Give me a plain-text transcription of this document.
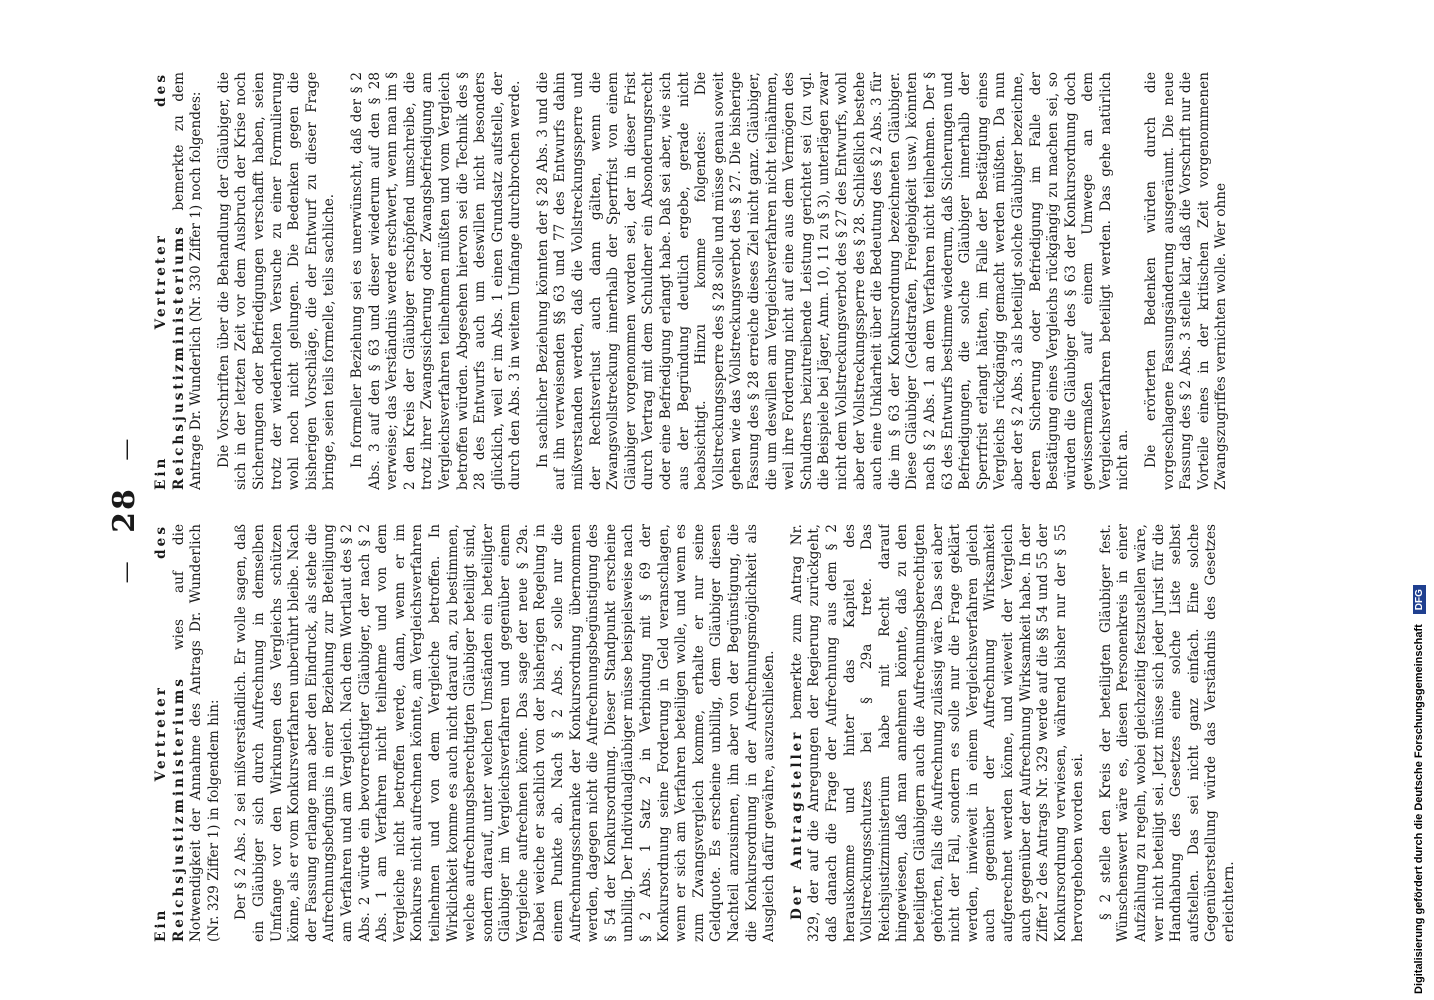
— 28 —

Ein Vertreter des Reichsjustizministeriums wies auf die Notwendigkeit der Annahme des Antrags Dr. Wunderlich (Nr. 329 Ziffer 1) in folgendem hin: Der § 2 Abs. 2 sei mißverständlich. Er wolle sagen, daß ein Gläubiger sich durch Aufrechnung in demselben Umfange vor den Wirkungen des Vergleichs schützen könne, als er vom Konkursverfahren unberührt bleibe. Nach der Fassung erlange man aber den Eindruck, als stehe die Aufrechnungsbefugnis in einer Beziehung zur Beteiligung am Verfahren und am Vergleich. Nach dem Wortlaut des § 2 Abs. 2 würde ein bevorrechtigter Gläubiger, der nach § 2 Abs. 1 am Verfahren nicht teilnehme und von dem Vergleiche nicht betroffen werde, dann, wenn er im Konkurse nicht aufrechnen könnte, am Vergleichsverfahren teilnehmen und von dem Vergleiche betroffen. In Wirklichkeit komme es auch nicht darauf an, zu bestimmen, welche aufrechnungsberechtigten Gläubiger beteiligt sind, sondern darauf, unter welchen Umständen ein beteiligter Gläubiger im Vergleichsverfahren und gegenüber einem Vergleiche aufrechnen könne. Das sage der neue § 29a. Dabei weiche er sachlich von der bisherigen Regelung in einem Punkte ab. Nach § 2 Abs. 2 solle nur die Aufrechnungsschranke der Konkursordnung übernommen werden, dagegen nicht die Aufrechnungsbegünstigung des § 54 der Konkursordnung. Dieser Standpunkt erscheine unbillig. Der Individualgläubiger müsse beispielsweise nach § 2 Abs. 1 Satz 2 in Verbindung mit § 69 der Konkursordnung seine Forderung in Geld veranschlagen, wenn er sich am Verfahren beteiligen wolle, und wenn es zum Zwangsvergleich komme, erhalte er nur seine Geldquote. Es erscheine unbillig, dem Gläubiger diesen Nachteil anzusinnen, ihn aber von der Begünstigung, die die Konkursordnung in der Aufrechnungsmöglichkeit als Ausgleich dafür gewähre, auszuschließen. Der Antragsteller bemerkte zum Antrag Nr. 329, der auf die Anregungen der Regierung zurückgeht, daß danach die Frage der Aufrechnung aus dem § 2 herauskomme und hinter das Kapitel des Vollstreckungsschutzes bei § 29a trete. Das Reichsjustizministerium habe mit Recht darauf hingewiesen, daß man annehmen könnte, daß zu den beteiligten Gläubigern auch die Aufrechnungsberechtigten gehörten, falls die Aufrechnung zulässig wäre. Das sei aber nicht der Fall, sondern es solle nur die Frage geklärt werden, inwieweit in einem Vergleichsverfahren gleich auch gegenüber der Aufrechnung Wirksamkeit aufgerechnet werden könne, und wieweit der Vergleich auch gegenüber der Aufrechnung Wirksamkeit habe. In der Ziffer 2 des Antrags Nr. 329 werde auf die §§ 54 und 55 der Konkursordnung verwiesen, während bisher nur der § 55 hervorgehoben worden sei. § 2 stelle den Kreis der beteiligten Gläubiger fest. Wünschenswert wäre es, diesen Personenkreis in einer Aufzählung zu regeln, wobei gleichzeitig festzustellen wäre, wer nicht beteiligt sei. Jetzt müsse sich jeder Jurist für die Handhabung des Gesetzes eine solche Liste selbst aufstellen. Das sei nicht ganz einfach. Eine solche Gegenüberstellung würde das Verständnis des Gesetzes erleichtern.

Ein Vertreter des Reichsjustizministeriums bemerkte zu dem Antrage Dr. Wunderlich (Nr. 330 Ziffer 1) noch folgendes: Die Vorschriften über die Behandlung der Gläubiger, die sich in der letzten Zeit vor dem Ausbruch der Krise noch Sicherungen oder Befriedigungen verschafft haben, seien trotz der wiederholten Versuche zu einer Formulierung wohl noch nicht gelungen. Die Bedenken gegen die bisherigen Vorschläge, die der Entwurf zu dieser Frage bringe, seien teils formelle, teils sachliche. In formeller Beziehung sei es unerwünscht, daß der § 2 Abs. 3 auf den § 63 und dieser wiederum auf den § 28 verweise; das Verständnis werde erschwert, wenn man im § 2 den Kreis der Gläubiger erschöpfend umschreibe, die trotz ihrer Zwangssicherung oder Zwangsbefriedigung am Vergleichsverfahren teilnehmen müßten und vom Vergleich betroffen würden. Abgesehen hiervon sei die Technik des § 28 des Entwurfs auch um deswillen nicht besonders glücklich, weil er im Abs. 1 einen Grundsatz aufstelle, der durch den Abs. 3 in weitem Umfange durchbrochen werde. In sachlicher Beziehung könnten der § 28 Abs. 3 und die auf ihn verweisenden §§ 63 und 77 des Entwurfs dahin mißverstanden werden, daß die Vollstreckungssperre und der Rechtsverlust auch dann gälten, wenn die Zwangsvollstreckung innerhalb der Sperrfrist von einem Gläubiger vorgenommen worden sei, der in dieser Frist durch Vertrag mit dem Schuldner ein Absonderungsrecht oder eine Befriedigung erlangt habe. Daß sei aber, wie sich aus der Begründung deutlich ergebe, gerade nicht beabsichtigt. Hinzu komme folgendes: Die Vollstreckungssperre des § 28 solle und müsse genau soweit gehen wie das Vollstreckungsverbot des § 27. Die bisherige Fassung des § 28 erreiche dieses Ziel nicht ganz. Gläubiger, die um deswillen am Vergleichsverfahren nicht teilnähmen, weil ihre Forderung nicht auf eine aus dem Vermögen des Schuldners beizutreibende Leistung gerichtet sei (zu vgl. die Beispiele bei Jäger, Anm. 10, 11 zu § 3), unterlägen zwar nicht dem Vollstreckungsverbot des § 27 des Entwurfs, wohl aber der Vollstreckungssperre des § 28. Schließlich bestehe auch eine Unklarheit über die Bedeutung des § 2 Abs. 3 für die im § 63 der Konkursordnung bezeichneten Gläubiger. Diese Gläubiger (Geldstrafen, Freigebigkeit usw.) könnten nach § 2 Abs. 1 an dem Verfahren nicht teilnehmen. Der § 63 des Entwurfs bestimme wiederum, daß Sicherungen und Befriedigungen, die solche Gläubiger innerhalb der Sperrfrist erlangt hätten, im Falle der Bestätigung eines Vergleichs rückgängig gemacht werden müßten. Da nun aber der § 2 Abs. 3 als beteiligt solche Gläubiger bezeichne, deren Sicherung oder Befriedigung im Falle der Bestätigung eines Vergleichs rückgängig zu machen sei, so würden die Gläubiger des § 63 der Konkursordnung doch gewissermaßen auf einem Umwege an dem Vergleichsverfahren beteiligt werden. Das gehe natürlich nicht an. Die erörterten Bedenken würden durch die vorgeschlagene Fassungsänderung ausgeräumt. Die neue Fassung des § 2 Abs. 3 stelle klar, daß die Vorschrift nur die Vorteile eines in der kritischen Zeit vorgenommenen Zwangszugriffes vernichten wolle. Wer ohne

Digitalisierung gefördert durch die Deutsche Forschungsgemeinschaft
DFG
